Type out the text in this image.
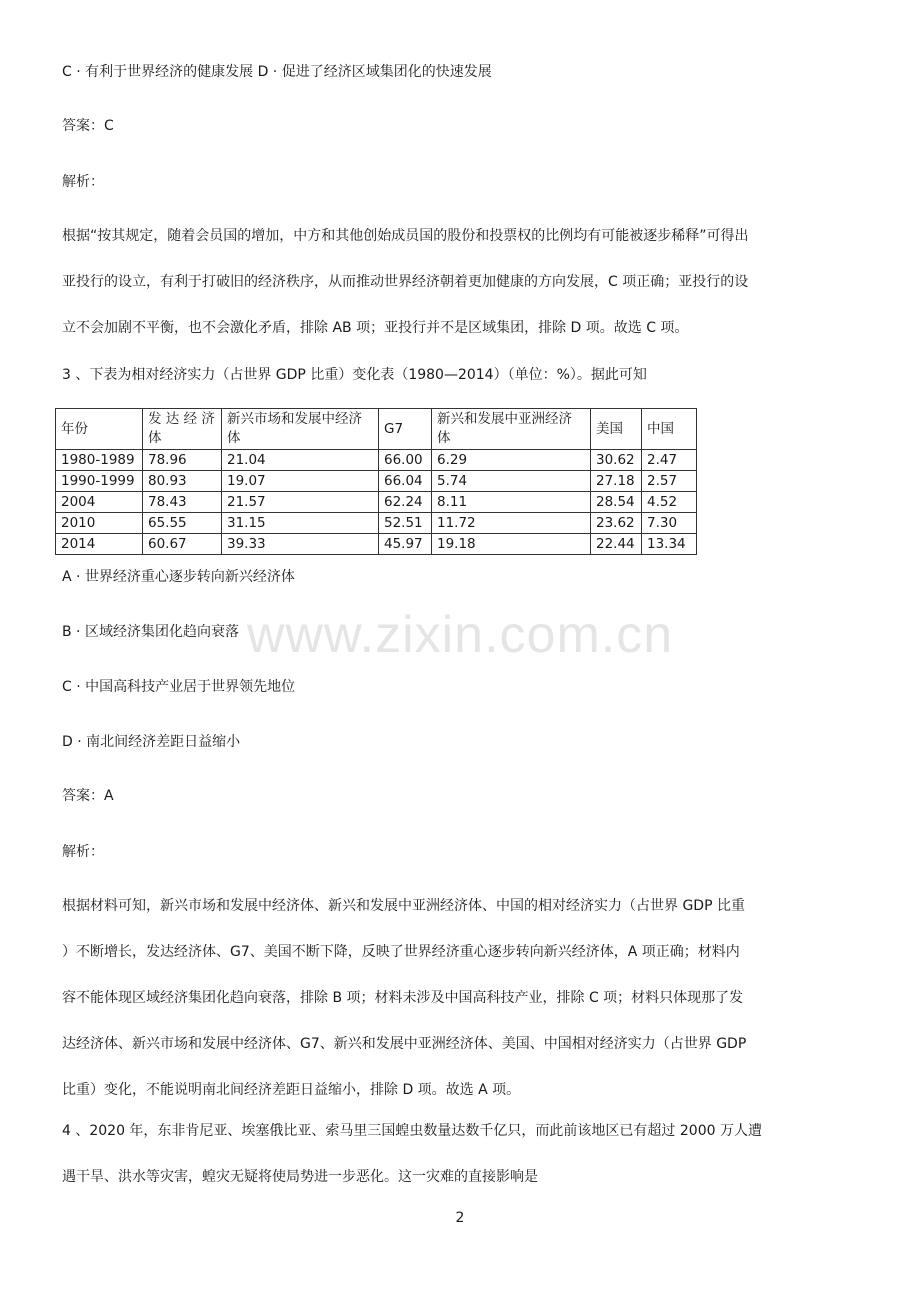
C · 有利于世界经济的健康发展 D · 促进了经济区域集团化的快速发展
答案：C
解析：
根据“按其规定，随着会员国的增加，中方和其他创始成员国的股份和投票权的比例均有可能被逐步稀释”可得出
亚投行的设立，有利于打破旧的经济秩序，从而推动世界经济朝着更加健康的方向发展，C 项正确；亚投行的设
立不会加剧不平衡，也不会激化矛盾，排除 AB 项；亚投行并不是区域集团，排除 D 项。故选 C 项。
3 、下表为相对经济实力（占世界 GDP 比重）变化表（1980—2014）（单位：%）。据此可知
年份	发 达 经 济体	新兴市场和发展中经济体	G7	新兴和发展中亚洲经济体	美国	中国
1980-1989	78.96	21.04	66.00	6.29	30.62	2.47
1990-1999	80.93	19.07	66.04	5.74	27.18	2.57
2004	78.43	21.57	62.24	8.11	28.54	4.52
2010	65.55	31.15	52.51	11.72	23.62	7.30
2014	60.67	39.33	45.97	19.18	22.44	13.34
A · 世界经济重心逐步转向新兴经济体
B · 区域经济集团化趋向衰落
C · 中国高科技产业居于世界领先地位
D · 南北间经济差距日益缩小
答案：A
解析：
根据材料可知，新兴市场和发展中经济体、新兴和发展中亚洲经济体、中国的相对经济实力（占世界 GDP 比重
）不断增长，发达经济体、G7、美国不断下降，反映了世界经济重心逐步转向新兴经济体，A 项正确；材料内
容不能体现区域经济集团化趋向衰落，排除 B 项；材料未涉及中国高科技产业，排除 C 项；材料只体现那了发
达经济体、新兴市场和发展中经济体、G7、新兴和发展中亚洲经济体、美国、中国相对经济实力（占世界 GDP
比重）变化，不能说明南北间经济差距日益缩小，排除 D 项。故选 A 项。
4 、2020 年，东非肯尼亚、埃塞俄比亚、索马里三国蝗虫数量达数千亿只，而此前该地区已有超过 2000 万人遭
遇干旱、洪水等灾害，蝗灾无疑将使局势进一步恶化。这一灾难的直接影响是
www.zixin.com.cn
2
